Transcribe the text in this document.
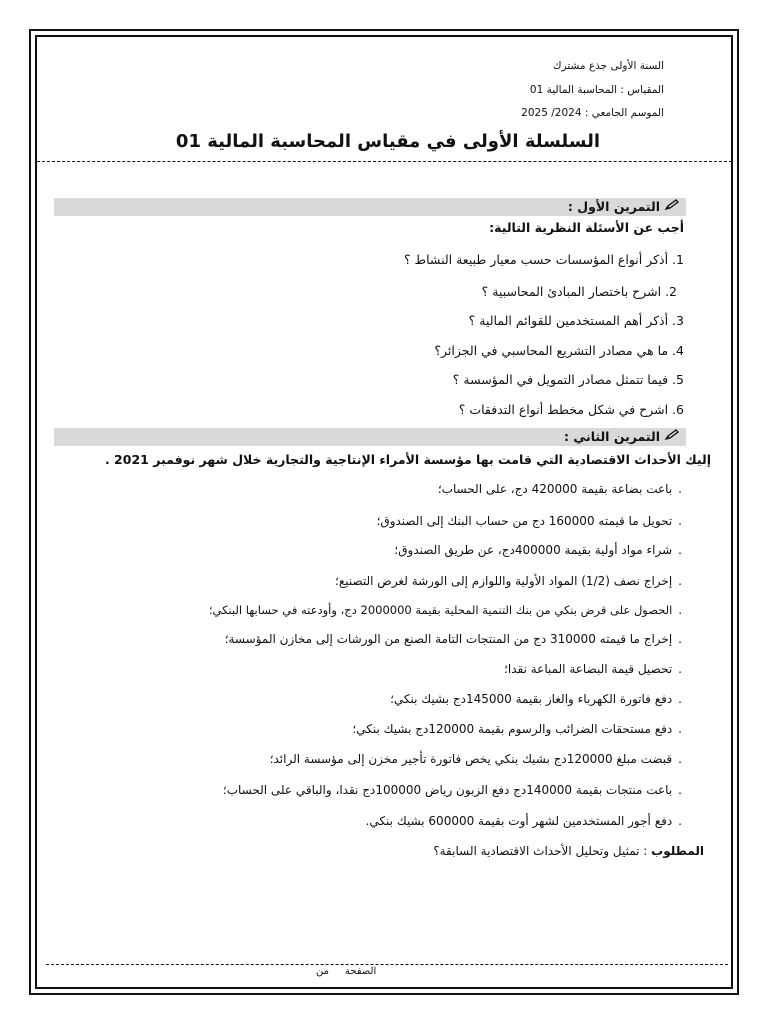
السنة الأولى جذع مشترك
المقياس : المحاسبة المالية 01
الموسم الجامعي : 2024/ 2025
السلسلة الأولى في مقياس المحاسبة المالية 01
التمرين الأول :
أجب عن الأسئلة النظرية التالية:
1. أذكر أنواع المؤسسات حسب معيار طبيعة النشاط ؟
2. اشرح باختصار المبادئ المحاسبية ؟
3. أذكر أهم المستخدمين للقوائم المالية ؟
4. ما هي مصادر التشريع المحاسبي في الجزائر؟
5. فيما تتمثل مصادر التمويل في المؤسسة ؟
6. اشرح في شكل مخطط أنواع التدفقات ؟
التمرين الثاني :
إليك الأحداث الاقتصادية التي قامت بها مؤسسة الأمراء الإنتاجية والتجارية خلال شهر نوفمبر 2021 .
.باعت بضاعة بقيمة 420000 دج، على الحساب؛
.تحويل ما قيمته 160000 دج من حساب البنك إلى الصندوق؛
.شراء مواد أولية بقيمة 400000دج، عن طريق الصندوق؛
.إخراج نصف (1/2) المواد الأولية واللوازم إلى الورشة لغرض التصنيع؛
.الحصول على قرض بنكي من بنك التنمية المحلية بقيمة 2000000 دج، وأودعته في حسابها البنكي؛
.إخراج ما قيمته 310000 دج من المنتجات التامة الصنع من الورشات إلى مخازن المؤسسة؛
.تحصيل قيمة البضاعة المباعة نقدا؛
.دفع فاتورة الكهرباء والغاز بقيمة 145000دج بشيك بنكي؛
.دفع مستحقات الضرائب والرسوم بقيمة 120000دج بشيك بنكي؛
.قبضت مبلغ 120000دج بشيك بنكي يخص فاتورة تأجير مخزن إلى مؤسسة الرائد؛
.باعت منتجات بقيمة 140000دج دفع الزبون رياض 100000دج نقدا، والباقي على الحساب؛
.دفع أجور المستخدمين لشهر أوت بقيمة 600000 بشيك بنكي.
المطلوب : تمثيل وتحليل الأحداث الاقتصادية السابقة؟
الصفحة     من
